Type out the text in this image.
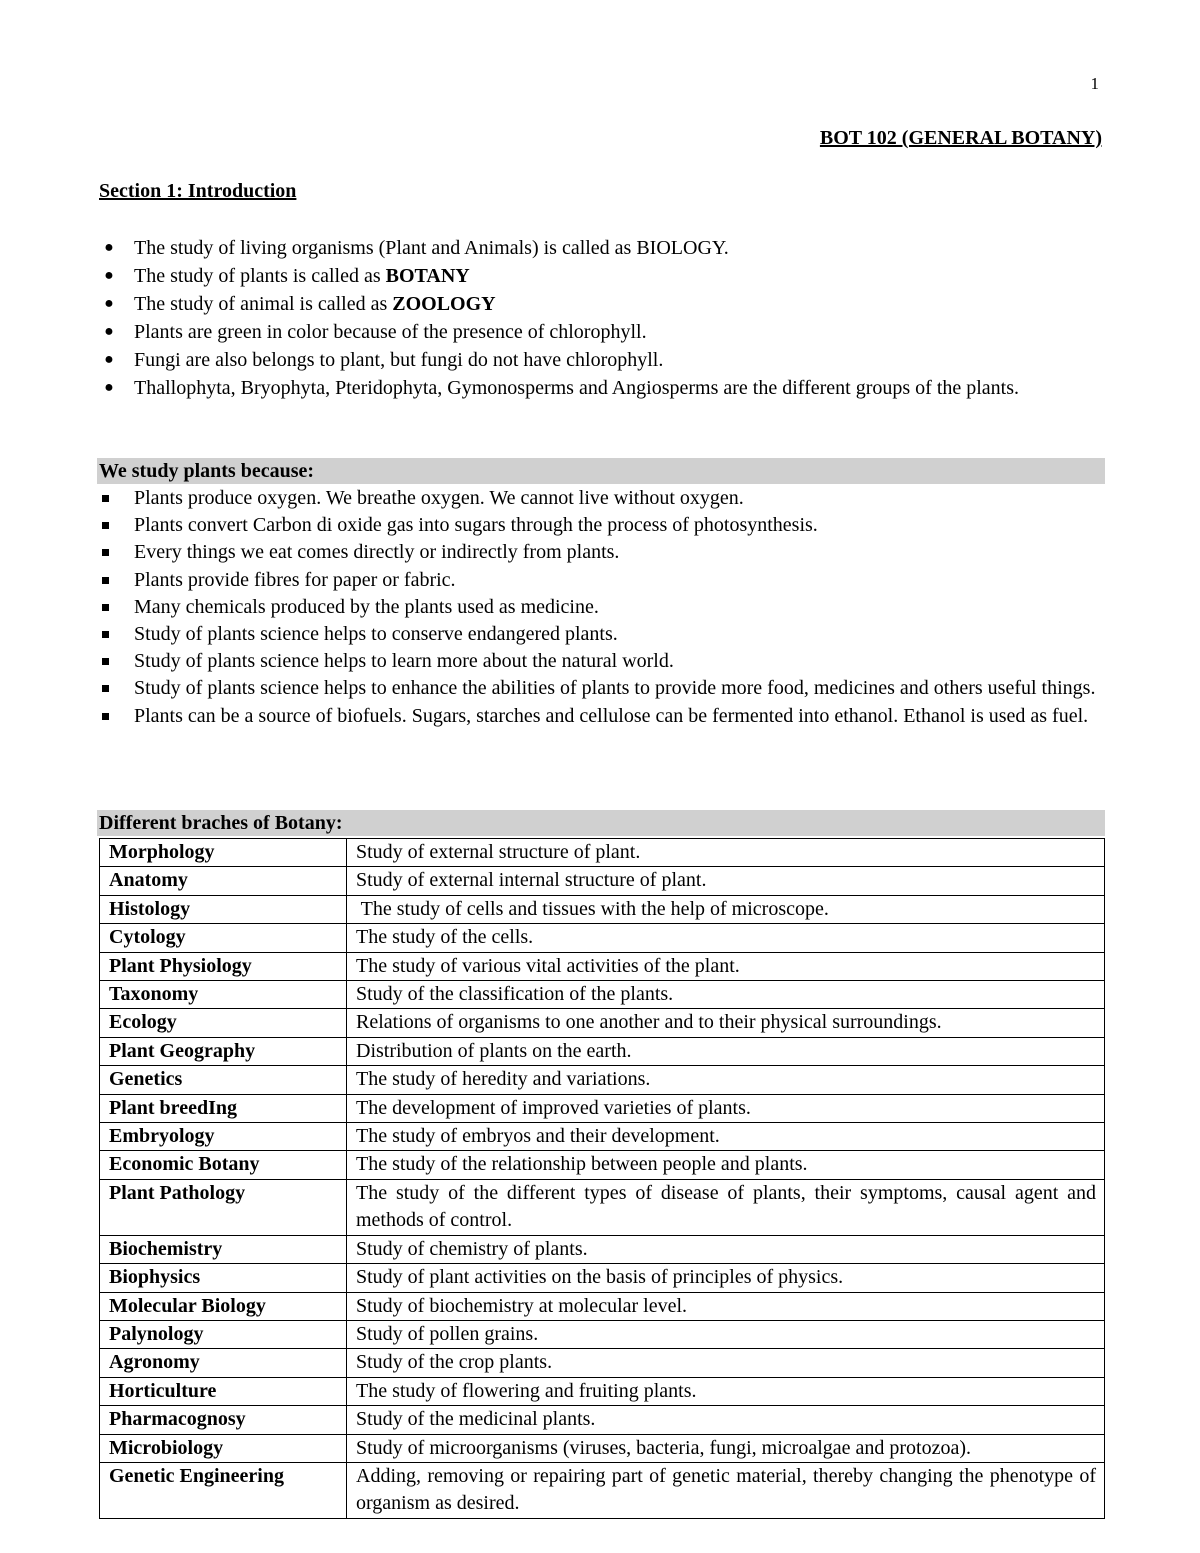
1
BOT 102 (GENERAL BOTANY)
Section 1: Introduction
● The study of living organisms (Plant and Animals) is called as BIOLOGY.
● The study of plants is called as BOTANY
● The study of animal is called as ZOOLOGY
● Plants are green in color because of the presence of chlorophyll.
● Fungi are also belongs to plant, but fungi do not have chlorophyll.
● Thallophyta, Bryophyta, Pteridophyta, Gymonosperms and Angiosperms are the different groups of the plants.
We study plants because:
Plants produce oxygen. We breathe oxygen. We cannot live without oxygen.
Plants convert Carbon di oxide gas into sugars through the process of photosynthesis.
Every things we eat comes directly or indirectly from plants.
Plants provide fibres for paper or fabric.
Many chemicals produced by the plants used as medicine.
Study of plants science helps to conserve endangered plants.
Study of plants science helps to learn more about the natural world.
Study of plants science helps to enhance the abilities of plants to provide more food, medicines and others useful things.
Plants can be a source of biofuels. Sugars, starches and cellulose can be fermented into ethanol. Ethanol is used as fuel.
Different braches of Botany:
Morphology	Study of external structure of plant.
Anatomy	Study of external internal structure of plant.
Histology	The study of cells and tissues with the help of microscope.
Cytology	The study of the cells.
Plant Physiology	The study of various vital activities of the plant.
Taxonomy	Study of the classification of the plants.
Ecology	Relations of organisms to one another and to their physical surroundings.
Plant Geography	Distribution of plants on the earth.
Genetics	The study of heredity and variations.
Plant breedIng	The development of improved varieties of plants.
Embryology	The study of embryos and their development.
Economic Botany	The study of the relationship between people and plants.
Plant Pathology	The study of the different types of disease of plants, their symptoms, causal agent and methods of control.
Biochemistry	Study of chemistry of plants.
Biophysics	Study of plant activities on the basis of principles of physics.
Molecular Biology	Study of biochemistry at molecular level.
Palynology	Study of pollen grains.
Agronomy	Study of the crop plants.
Horticulture	The study of flowering and fruiting plants.
Pharmacognosy	Study of the medicinal plants.
Microbiology	Study of microorganisms (viruses, bacteria, fungi, microalgae and protozoa).
Genetic Engineering	Adding, removing or repairing part of genetic material, thereby changing the phenotype of organism as desired.
